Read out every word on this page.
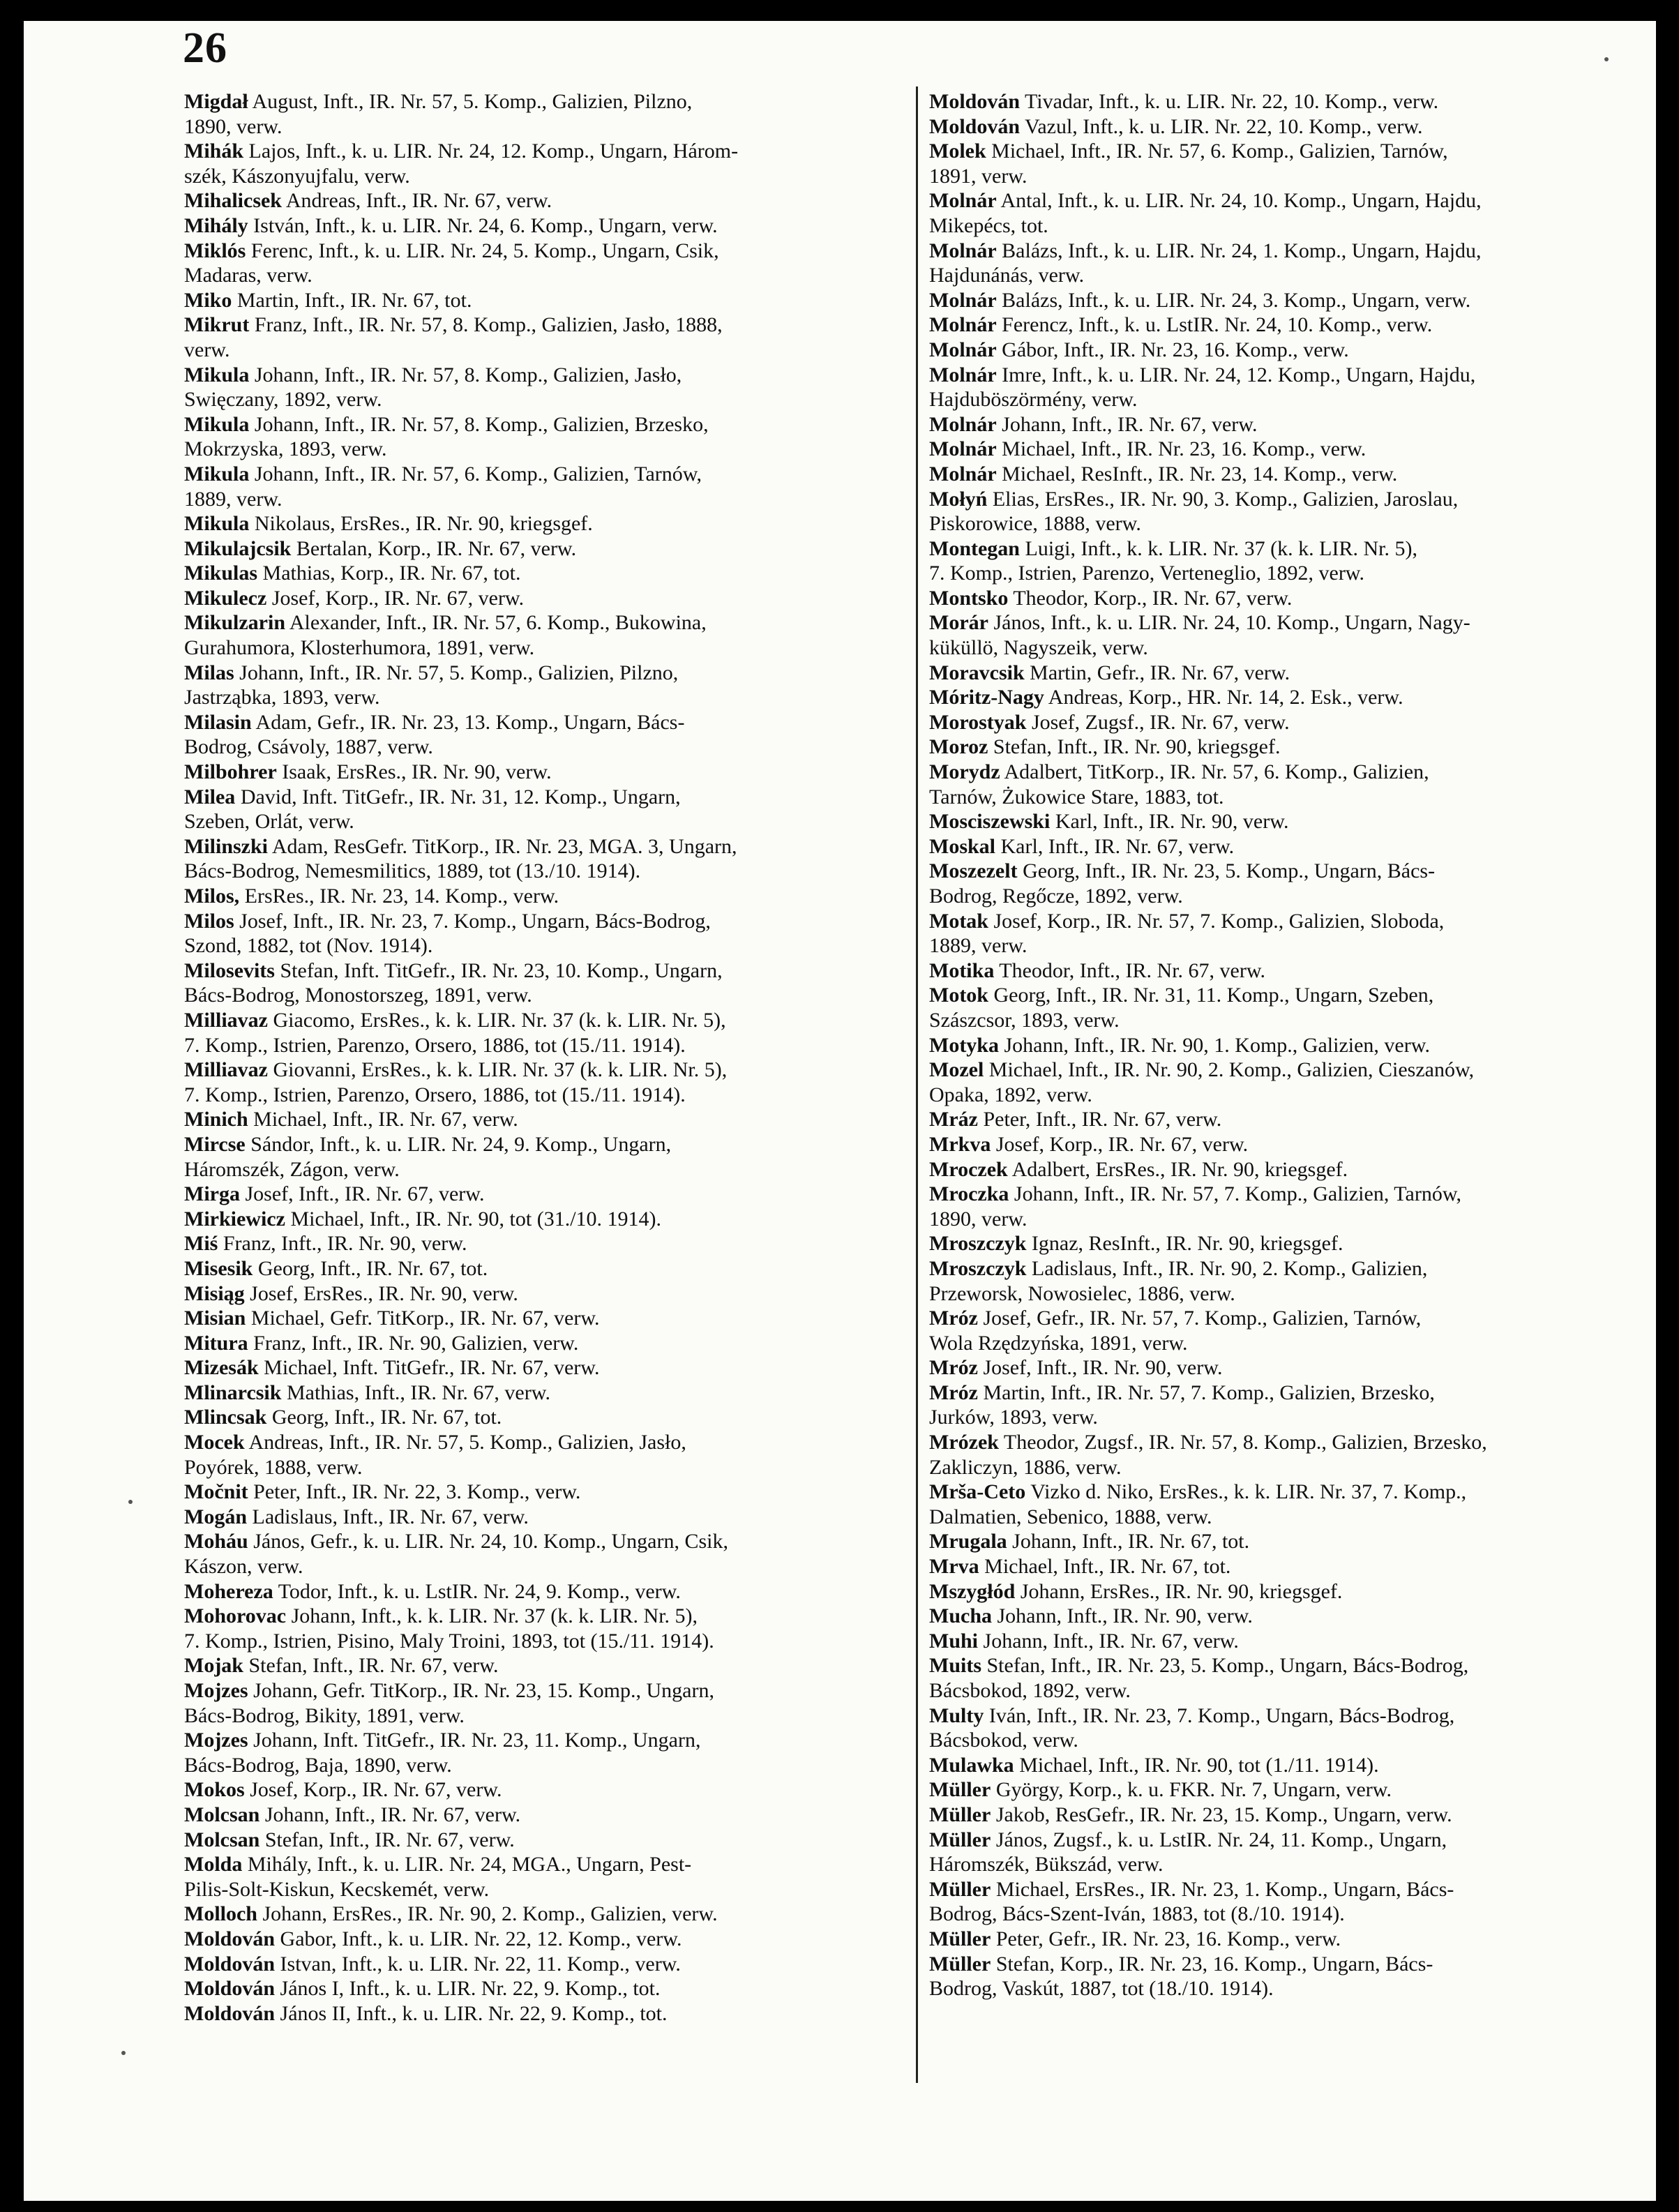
26
Migdał August, Inft., IR. Nr. 57, 5. Komp., Galizien, Pilzno,
1890, verw.
Mihák Lajos, Inft., k. u. LIR. Nr. 24, 12. Komp., Ungarn, Három-
szék, Kászonyujfalu, verw.
Mihalicsek Andreas, Inft., IR. Nr. 67, verw.
Mihály István, Inft., k. u. LIR. Nr. 24, 6. Komp., Ungarn, verw.
Miklós Ferenc, Inft., k. u. LIR. Nr. 24, 5. Komp., Ungarn, Csik,
Madaras, verw.
Miko Martin, Inft., IR. Nr. 67, tot.
Mikrut Franz, Inft., IR. Nr. 57, 8. Komp., Galizien, Jasło, 1888,
verw.
Mikula Johann, Inft., IR. Nr. 57, 8. Komp., Galizien, Jasło,
Swięczany, 1892, verw.
Mikula Johann, Inft., IR. Nr. 57, 8. Komp., Galizien, Brzesko,
Mokrzyska, 1893, verw.
Mikula Johann, Inft., IR. Nr. 57, 6. Komp., Galizien, Tarnów,
1889, verw.
Mikula Nikolaus, ErsRes., IR. Nr. 90, kriegsgef.
Mikulajcsik Bertalan, Korp., IR. Nr. 67, verw.
Mikulas Mathias, Korp., IR. Nr. 67, tot.
Mikulecz Josef, Korp., IR. Nr. 67, verw.
Mikulzarin Alexander, Inft., IR. Nr. 57, 6. Komp., Bukowina,
Gurahumora, Klosterhumora, 1891, verw.
Milas Johann, Inft., IR. Nr. 57, 5. Komp., Galizien, Pilzno,
Jastrząbka, 1893, verw.
Milasin Adam, Gefr., IR. Nr. 23, 13. Komp., Ungarn, Bács-
Bodrog, Csávoly, 1887, verw.
Milbohrer Isaak, ErsRes., IR. Nr. 90, verw.
Milea David, Inft. TitGefr., IR. Nr. 31, 12. Komp., Ungarn,
Szeben, Orlát, verw.
Milinszki Adam, ResGefr. TitKorp., IR. Nr. 23, MGA. 3, Ungarn,
Bács-Bodrog, Nemesmilitics, 1889, tot (13./10. 1914).
Milos, ErsRes., IR. Nr. 23, 14. Komp., verw.
Milos Josef, Inft., IR. Nr. 23, 7. Komp., Ungarn, Bács-Bodrog,
Szond, 1882, tot (Nov. 1914).
Milosevits Stefan, Inft. TitGefr., IR. Nr. 23, 10. Komp., Ungarn,
Bács-Bodrog, Monostorszeg, 1891, verw.
Milliavaz Giacomo, ErsRes., k. k. LIR. Nr. 37 (k. k. LIR. Nr. 5),
7. Komp., Istrien, Parenzo, Orsero, 1886, tot (15./11. 1914).
Milliavaz Giovanni, ErsRes., k. k. LIR. Nr. 37 (k. k. LIR. Nr. 5),
7. Komp., Istrien, Parenzo, Orsero, 1886, tot (15./11. 1914).
Minich Michael, Inft., IR. Nr. 67, verw.
Mircse Sándor, Inft., k. u. LIR. Nr. 24, 9. Komp., Ungarn,
Háromszék, Zágon, verw.
Mirga Josef, Inft., IR. Nr. 67, verw.
Mirkiewicz Michael, Inft., IR. Nr. 90, tot (31./10. 1914).
Miś Franz, Inft., IR. Nr. 90, verw.
Misesik Georg, Inft., IR. Nr. 67, tot.
Misiąg Josef, ErsRes., IR. Nr. 90, verw.
Misian Michael, Gefr. TitKorp., IR. Nr. 67, verw.
Mitura Franz, Inft., IR. Nr. 90, Galizien, verw.
Mizesák Michael, Inft. TitGefr., IR. Nr. 67, verw.
Mlinarcsik Mathias, Inft., IR. Nr. 67, verw.
Mlincsak Georg, Inft., IR. Nr. 67, tot.
Mocek Andreas, Inft., IR. Nr. 57, 5. Komp., Galizien, Jasło,
Poyórek, 1888, verw.
Močnit Peter, Inft., IR. Nr. 22, 3. Komp., verw.
Mogán Ladislaus, Inft., IR. Nr. 67, verw.
Moháu János, Gefr., k. u. LIR. Nr. 24, 10. Komp., Ungarn, Csik,
Kászon, verw.
Mohereza Todor, Inft., k. u. LstIR. Nr. 24, 9. Komp., verw.
Mohorovac Johann, Inft., k. k. LIR. Nr. 37 (k. k. LIR. Nr. 5),
7. Komp., Istrien, Pisino, Maly Troini, 1893, tot (15./11. 1914).
Mojak Stefan, Inft., IR. Nr. 67, verw.
Mojzes Johann, Gefr. TitKorp., IR. Nr. 23, 15. Komp., Ungarn,
Bács-Bodrog, Bikity, 1891, verw.
Mojzes Johann, Inft. TitGefr., IR. Nr. 23, 11. Komp., Ungarn,
Bács-Bodrog, Baja, 1890, verw.
Mokos Josef, Korp., IR. Nr. 67, verw.
Molcsan Johann, Inft., IR. Nr. 67, verw.
Molcsan Stefan, Inft., IR. Nr. 67, verw.
Molda Mihály, Inft., k. u. LIR. Nr. 24, MGA., Ungarn, Pest-
Pilis-Solt-Kiskun, Kecskemét, verw.
Molloch Johann, ErsRes., IR. Nr. 90, 2. Komp., Galizien, verw.
Moldován Gabor, Inft., k. u. LIR. Nr. 22, 12. Komp., verw.
Moldován Istvan, Inft., k. u. LIR. Nr. 22, 11. Komp., verw.
Moldován János I, Inft., k. u. LIR. Nr. 22, 9. Komp., tot.
Moldován János II, Inft., k. u. LIR. Nr. 22, 9. Komp., tot.
Moldován Tivadar, Inft., k. u. LIR. Nr. 22, 10. Komp., verw.
Moldován Vazul, Inft., k. u. LIR. Nr. 22, 10. Komp., verw.
Molek Michael, Inft., IR. Nr. 57, 6. Komp., Galizien, Tarnów,
1891, verw.
Molnár Antal, Inft., k. u. LIR. Nr. 24, 10. Komp., Ungarn, Hajdu,
Mikepécs, tot.
Molnár Balázs, Inft., k. u. LIR. Nr. 24, 1. Komp., Ungarn, Hajdu,
Hajdunánás, verw.
Molnár Balázs, Inft., k. u. LIR. Nr. 24, 3. Komp., Ungarn, verw.
Molnár Ferencz, Inft., k. u. LstIR. Nr. 24, 10. Komp., verw.
Molnár Gábor, Inft., IR. Nr. 23, 16. Komp., verw.
Molnár Imre, Inft., k. u. LIR. Nr. 24, 12. Komp., Ungarn, Hajdu,
Hajduböszörmény, verw.
Molnár Johann, Inft., IR. Nr. 67, verw.
Molnár Michael, Inft., IR. Nr. 23, 16. Komp., verw.
Molnár Michael, ResInft., IR. Nr. 23, 14. Komp., verw.
Mołyń Elias, ErsRes., IR. Nr. 90, 3. Komp., Galizien, Jaroslau,
Piskorowice, 1888, verw.
Montegan Luigi, Inft., k. k. LIR. Nr. 37 (k. k. LIR. Nr. 5),
7. Komp., Istrien, Parenzo, Verteneglio, 1892, verw.
Montsko Theodor, Korp., IR. Nr. 67, verw.
Morár János, Inft., k. u. LIR. Nr. 24, 10. Komp., Ungarn, Nagy-
küküllö, Nagyszeik, verw.
Moravcsik Martin, Gefr., IR. Nr. 67, verw.
Móritz-Nagy Andreas, Korp., HR. Nr. 14, 2. Esk., verw.
Morostyak Josef, Zugsf., IR. Nr. 67, verw.
Moroz Stefan, Inft., IR. Nr. 90, kriegsgef.
Morydz Adalbert, TitKorp., IR. Nr. 57, 6. Komp., Galizien,
Tarnów, Żukowice Stare, 1883, tot.
Mosciszewski Karl, Inft., IR. Nr. 90, verw.
Moskal Karl, Inft., IR. Nr. 67, verw.
Moszezelt Georg, Inft., IR. Nr. 23, 5. Komp., Ungarn, Bács-
Bodrog, Regőcze, 1892, verw.
Motak Josef, Korp., IR. Nr. 57, 7. Komp., Galizien, Sloboda,
1889, verw.
Motika Theodor, Inft., IR. Nr. 67, verw.
Motok Georg, Inft., IR. Nr. 31, 11. Komp., Ungarn, Szeben,
Szászcsor, 1893, verw.
Motyka Johann, Inft., IR. Nr. 90, 1. Komp., Galizien, verw.
Mozel Michael, Inft., IR. Nr. 90, 2. Komp., Galizien, Cieszanów,
Opaka, 1892, verw.
Mráz Peter, Inft., IR. Nr. 67, verw.
Mrkva Josef, Korp., IR. Nr. 67, verw.
Mroczek Adalbert, ErsRes., IR. Nr. 90, kriegsgef.
Mroczka Johann, Inft., IR. Nr. 57, 7. Komp., Galizien, Tarnów,
1890, verw.
Mroszczyk Ignaz, ResInft., IR. Nr. 90, kriegsgef.
Mroszczyk Ladislaus, Inft., IR. Nr. 90, 2. Komp., Galizien,
Przeworsk, Nowosielec, 1886, verw.
Mróz Josef, Gefr., IR. Nr. 57, 7. Komp., Galizien, Tarnów,
Wola Rzędzyńska, 1891, verw.
Mróz Josef, Inft., IR. Nr. 90, verw.
Mróz Martin, Inft., IR. Nr. 57, 7. Komp., Galizien, Brzesko,
Jurków, 1893, verw.
Mrózek Theodor, Zugsf., IR. Nr. 57, 8. Komp., Galizien, Brzesko,
Zakliczyn, 1886, verw.
Mrša-Ceto Vizko d. Niko, ErsRes., k. k. LIR. Nr. 37, 7. Komp.,
Dalmatien, Sebenico, 1888, verw.
Mrugala Johann, Inft., IR. Nr. 67, tot.
Mrva Michael, Inft., IR. Nr. 67, tot.
Mszygłód Johann, ErsRes., IR. Nr. 90, kriegsgef.
Mucha Johann, Inft., IR. Nr. 90, verw.
Muhi Johann, Inft., IR. Nr. 67, verw.
Muits Stefan, Inft., IR. Nr. 23, 5. Komp., Ungarn, Bács-Bodrog,
Bácsbokod, 1892, verw.
Multy Iván, Inft., IR. Nr. 23, 7. Komp., Ungarn, Bács-Bodrog,
Bácsbokod, verw.
Mulawka Michael, Inft., IR. Nr. 90, tot (1./11. 1914).
Müller György, Korp., k. u. FKR. Nr. 7, Ungarn, verw.
Müller Jakob, ResGefr., IR. Nr. 23, 15. Komp., Ungarn, verw.
Müller János, Zugsf., k. u. LstIR. Nr. 24, 11. Komp., Ungarn,
Háromszék, Bükszád, verw.
Müller Michael, ErsRes., IR. Nr. 23, 1. Komp., Ungarn, Bács-
Bodrog, Bács-Szent-Iván, 1883, tot (8./10. 1914).
Müller Peter, Gefr., IR. Nr. 23, 16. Komp., verw.
Müller Stefan, Korp., IR. Nr. 23, 16. Komp., Ungarn, Bács-
Bodrog, Vaskút, 1887, tot (18./10. 1914).
